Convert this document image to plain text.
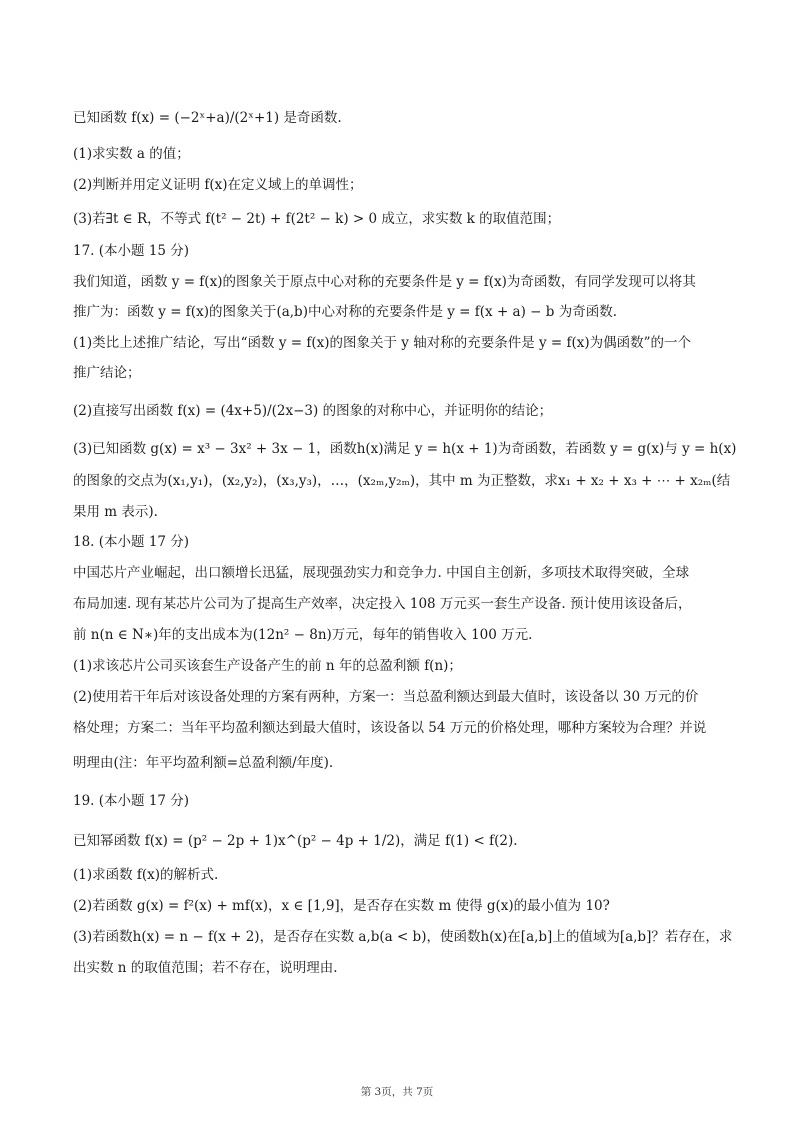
已知函数 f(x) = (−2ˣ+a)/(2ˣ+1) 是奇函数.
(1)求实数 a 的值；
(2)判断并用定义证明 f(x)在定义域上的单调性；
(3)若∃t ∈ R，不等式 f(t² − 2t) + f(2t² − k) > 0 成立，求实数 k 的取值范围；
17. (本小题 15 分)
我们知道，函数 y = f(x)的图象关于原点中心对称的充要条件是 y = f(x)为奇函数，有同学发现可以将其
推广为：函数 y = f(x)的图象关于(a,b)中心对称的充要条件是 y = f(x + a) − b 为奇函数.
(1)类比上述推广结论，写出“函数 y = f(x)的图象关于 y 轴对称的充要条件是 y = f(x)为偶函数”的一个
推广结论；
(2)直接写出函数 f(x) = (4x+5)/(2x−3) 的图象的对称中心，并证明你的结论；
(3)已知函数 g(x) = x³ − 3x² + 3x − 1，函数h(x)满足 y = h(x + 1)为奇函数，若函数 y = g(x)与 y = h(x)
的图象的交点为(x₁,y₁)，(x₂,y₂)，(x₃,y₃)，…，(x₂ₘ,y₂ₘ)，其中 m 为正整数，求x₁ + x₂ + x₃ + ⋯ + x₂ₘ(结
果用 m 表示).
18. (本小题 17 分)
中国芯片产业崛起，出口额增长迅猛，展现强劲实力和竞争力. 中国自主创新，多项技术取得突破，全球
布局加速. 现有某芯片公司为了提高生产效率，决定投入 108 万元买一套生产设备. 预计使用该设备后，
前 n(n ∈ N∗)年的支出成本为(12n² − 8n)万元，每年的销售收入 100 万元.
(1)求该芯片公司买该套生产设备产生的前 n 年的总盈利额 f(n)；
(2)使用若干年后对该设备处理的方案有两种，方案一：当总盈利额达到最大值时，该设备以 30 万元的价
格处理；方案二：当年平均盈利额达到最大值时，该设备以 54 万元的价格处理，哪种方案较为合理？并说
明理由(注：年平均盈利额=总盈利额/年度).
19. (本小题 17 分)
已知幂函数 f(x) = (p² − 2p + 1)x^(p² − 4p + 1/2)，满足 f(1) < f(2).
(1)求函数 f(x)的解析式.
(2)若函数 g(x) = f²(x) + mf(x)，x ∈ [1,9]，是否存在实数 m 使得 g(x)的最小值为 10?
(3)若函数h(x) = n − f(x + 2)，是否存在实数 a,b(a < b)，使函数h(x)在[a,b]上的值域为[a,b]？若存在，求
出实数 n 的取值范围；若不存在，说明理由.
第 3页，共 7页
